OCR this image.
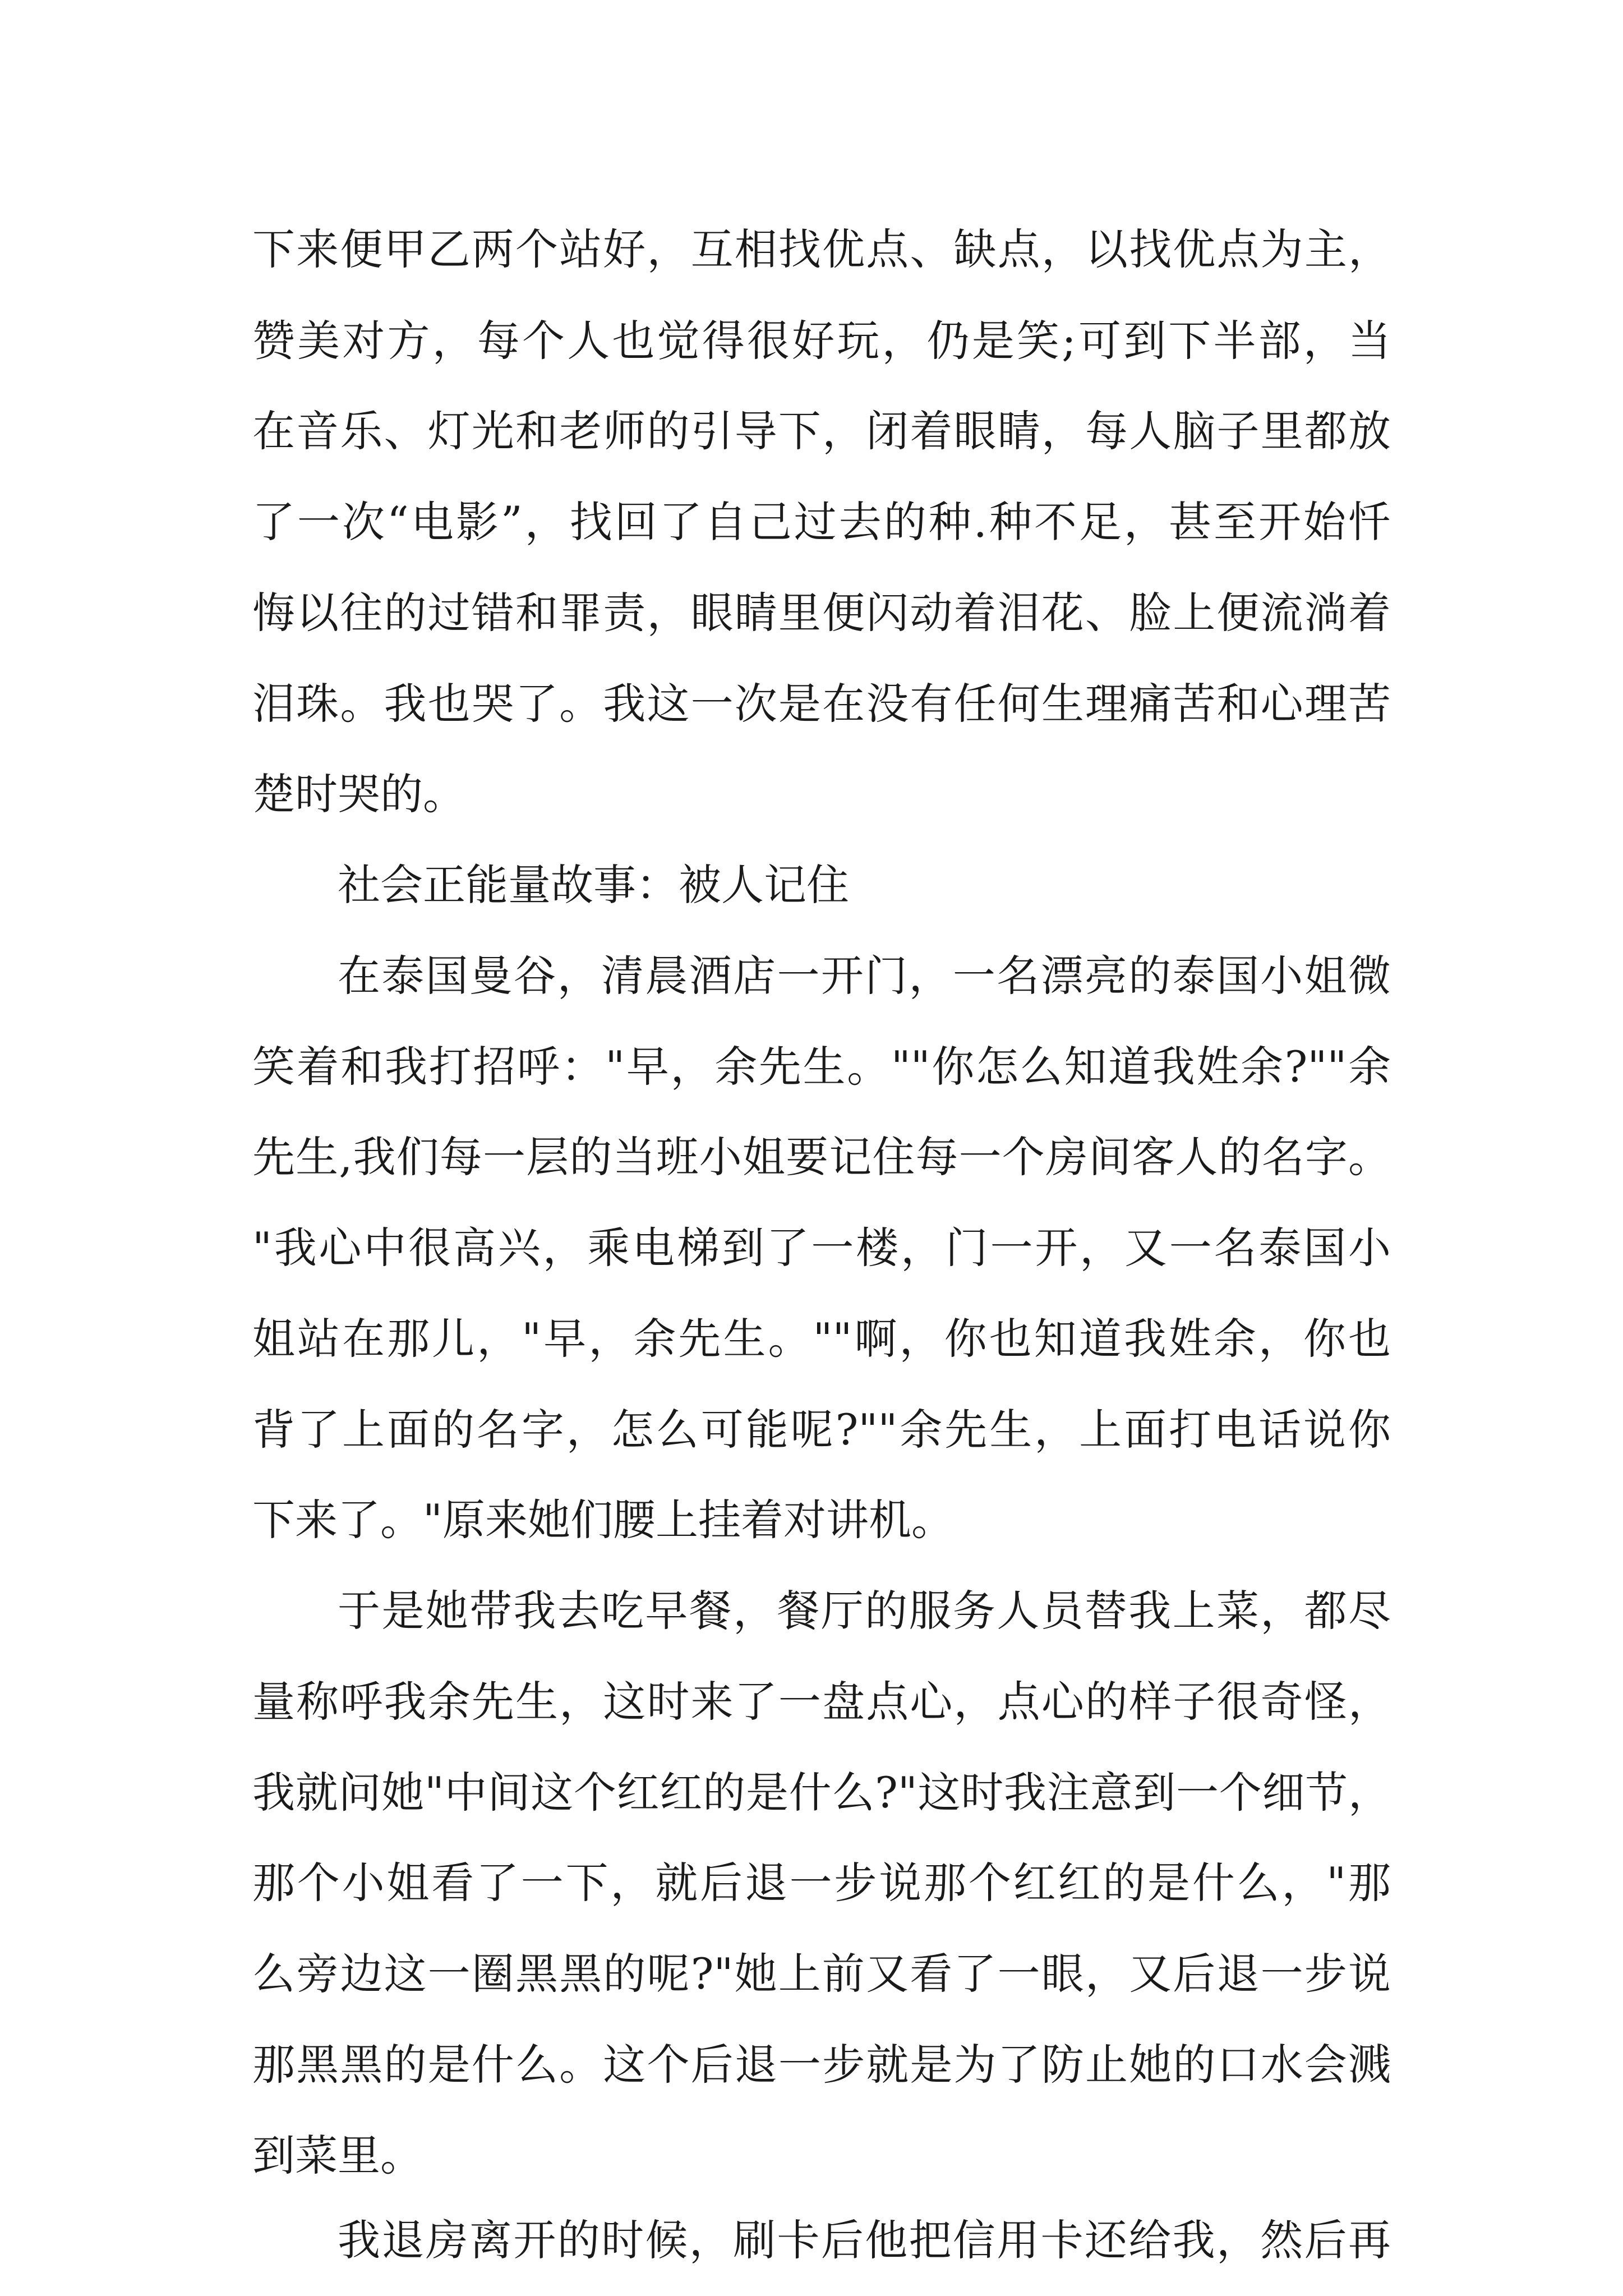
下来便甲乙两个站好，互相找优点、缺点，以找优点为主，
赞美对方，每个人也觉得很好玩，仍是笑;可到下半部，当
在音乐、灯光和老师的引导下，闭着眼睛，每人脑子里都放
了一次“电影”，找回了自己过去的种.种不足，甚至开始忏
悔以往的过错和罪责，眼睛里便闪动着泪花、脸上便流淌着
泪珠。我也哭了。我这一次是在没有任何生理痛苦和心理苦
楚时哭的。
社会正能量故事：被人记住
在泰国曼谷，清晨酒店一开门，一名漂亮的泰国小姐微
笑着和我打招呼："早，余先生。""你怎么知道我姓余?""余
先生,我们每一层的当班小姐要记住每一个房间客人的名字。
"我心中很高兴，乘电梯到了一楼，门一开，又一名泰国小
姐站在那儿，"早，余先生。""啊，你也知道我姓余，你也
背了上面的名字，怎么可能呢?""余先生，上面打电话说你
下来了。"原来她们腰上挂着对讲机。
于是她带我去吃早餐，餐厅的服务人员替我上菜，都尽
量称呼我余先生，这时来了一盘点心，点心的样子很奇怪，
我就问她"中间这个红红的是什么?"这时我注意到一个细节，
那个小姐看了一下，就后退一步说那个红红的是什么，"那
么旁边这一圈黑黑的呢?"她上前又看了一眼，又后退一步说
那黑黑的是什么。这个后退一步就是为了防止她的口水会溅
到菜里。
我退房离开的时候，刷卡后他把信用卡还给我，然后再
